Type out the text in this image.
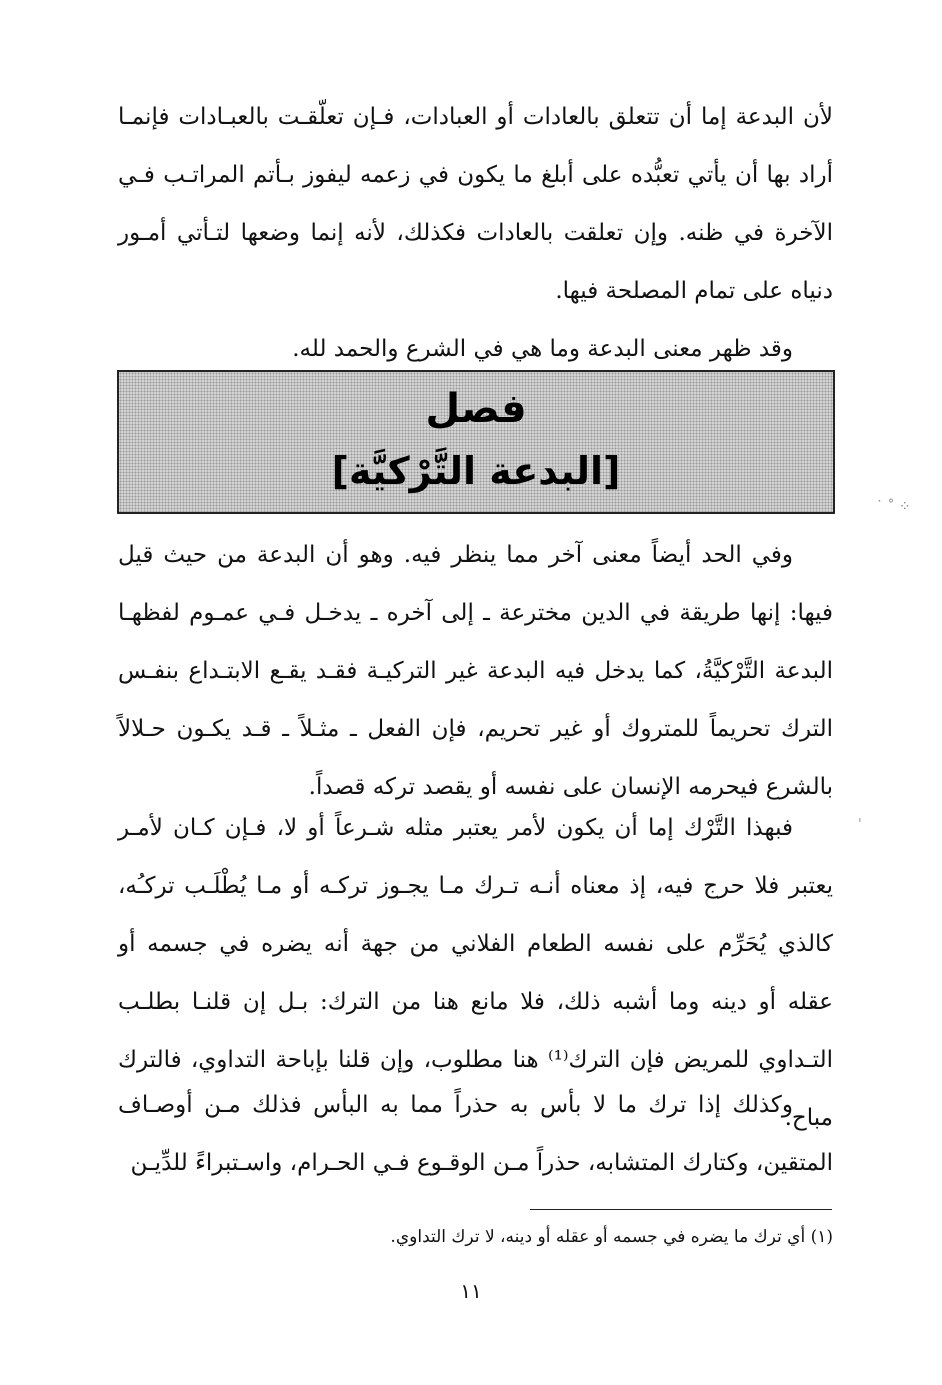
لأن البدعة إما أن تتعلق بالعادات أو العبادات، فـإن تعلّقـت بالعبـادات فإنمـا أراد بها أن يأتي تعبُّده على أبلغ ما يكون في زعمه ليفوز بـأتم المراتـب فـي الآخرة في ظنه. وإن تعلقت بالعادات فكذلك، لأنه إنما وضعها لتـأتي أمـور دنياه على تمام المصلحة فيها.

وقد ظهر معنى البدعة وما هي في الشرع والحمد لله.

فصل
[البدعة التَّرْكيَّة]

وفي الحد أيضاً معنى آخر مما ينظر فيه. وهو أن البدعة من حيث قيل فيها: إنها طريقة في الدين مخترعة ـ إلى آخره ـ يدخـل فـي عمـوم لفظهـا البدعة التَّرْكيَّةُ، كما يدخل فيه البدعة غير التركيـة فقـد يقـع الابتـداع بنفـس الترك تحريماً للمتروك أو غير تحريم، فإن الفعل ـ مثـلاً ـ قـد يكـون حـلالاً بالشرع فيحرمه الإنسان على نفسه أو يقصد تركه قصداً.

فبهذا التَّرْك إما أن يكون لأمر يعتبر مثله شـرعاً أو لا، فـإن كـان لأمـر يعتبر فلا حرج فيه، إذ معناه أنـه تـرك مـا يجـوز تركـه أو مـا يُطْلَـب تركـُه، كالذي يُحَرِّم على نفسه الطعام الفلاني من جهة أنه يضره في جسمه أو عقله أو دينه وما أشبه ذلك، فلا مانع هنا من الترك: بـل إن قلنـا بطلـب التـداوي للمريض فإن الترك⁽¹⁾ هنا مطلوب، وإن قلنا بإباحة التداوي، فالترك مباح.

وكذلك إذا ترك ما لا بأس به حذراً مما به البأس فذلك مـن أوصـاف المتقين، وكتارك المتشابه، حذراً مـن الوقـوع فـي الحـرام، واسـتبراءً للدِّيـن

(١) أي ترك ما يضره في جسمه أو عقله أو دينه، لا ترك التداوي.
١١
˙ ˚ ⁘
ˈ
